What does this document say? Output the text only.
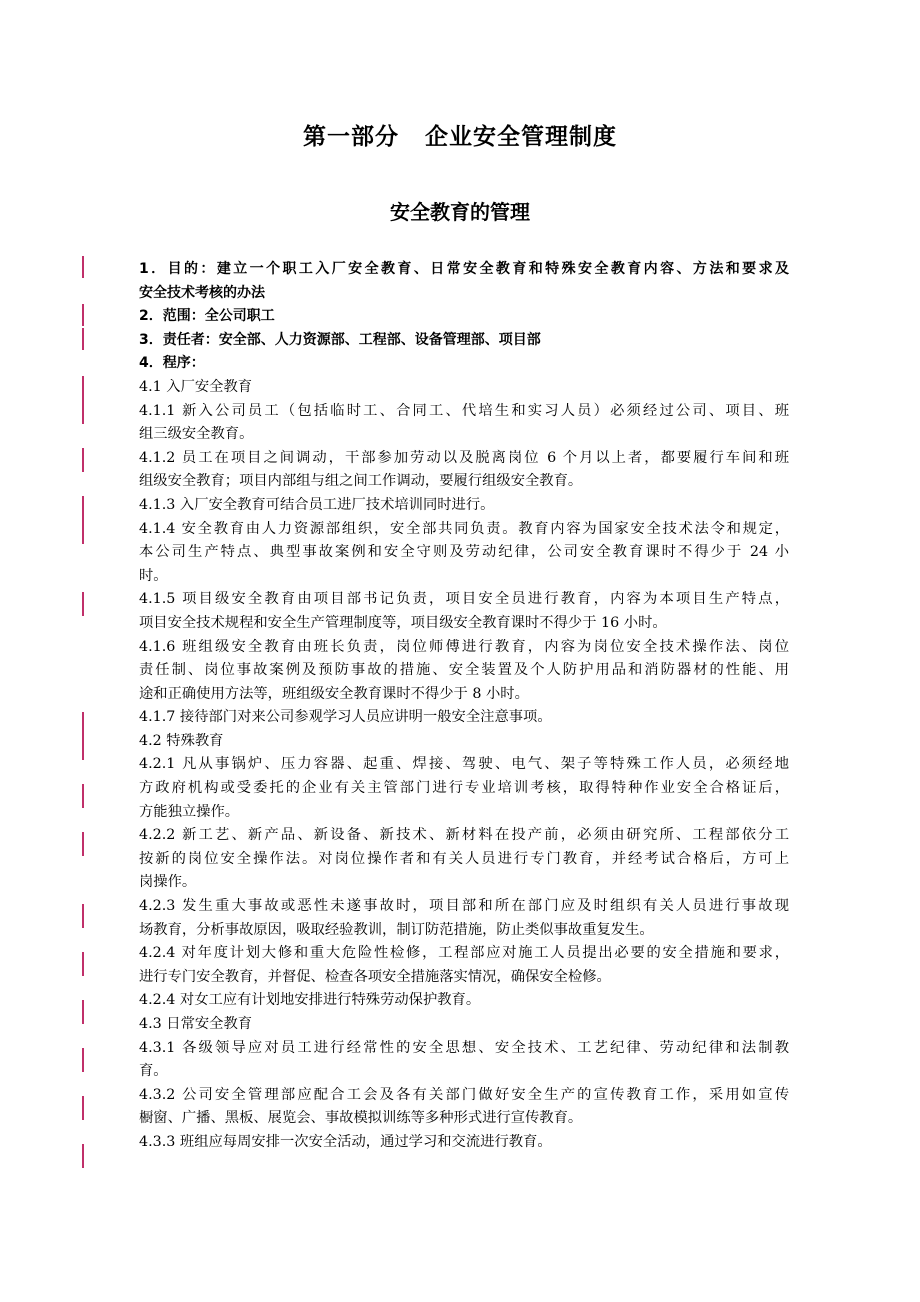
第一部分 企业安全管理制度
安全教育的管理
1．目的：建立一个职工入厂安全教育、日常安全教育和特殊安全教育内容、方法和要求及
安全技术考核的办法
2．范围：全公司职工
3．责任者：安全部、人力资源部、工程部、设备管理部、项目部
4．程序：
4.1 入厂安全教育
4.1.1 新入公司员工（包括临时工、合同工、代培生和实习人员）必须经过公司、项目、班
组三级安全教育。
4.1.2 员工在项目之间调动，干部参加劳动以及脱离岗位 6 个月以上者，都要履行车间和班
组级安全教育；项目内部组与组之间工作调动，要履行组级安全教育。
4.1.3 入厂安全教育可结合员工进厂技术培训同时进行。
4.1.4 安全教育由人力资源部组织，安全部共同负责。教育内容为国家安全技术法令和规定，
本公司生产特点、典型事故案例和安全守则及劳动纪律，公司安全教育课时不得少于 24 小
时。
4.1.5 项目级安全教育由项目部书记负责，项目安全员进行教育，内容为本项目生产特点，
项目安全技术规程和安全生产管理制度等，项目级安全教育课时不得少于 16 小时。
4.1.6 班组级安全教育由班长负责，岗位师傅进行教育，内容为岗位安全技术操作法、岗位
责任制、岗位事故案例及预防事故的措施、安全装置及个人防护用品和消防器材的性能、用
途和正确使用方法等，班组级安全教育课时不得少于 8 小时。
4.1.7 接待部门对来公司参观学习人员应讲明一般安全注意事项。
4.2 特殊教育
4.2.1 凡从事锅炉、压力容器、起重、焊接、驾驶、电气、架子等特殊工作人员，必须经地
方政府机构或受委托的企业有关主管部门进行专业培训考核，取得特种作业安全合格证后，
方能独立操作。
4.2.2 新工艺、新产品、新设备、新技术、新材料在投产前，必须由研究所、工程部依分工
按新的岗位安全操作法。对岗位操作者和有关人员进行专门教育，并经考试合格后，方可上
岗操作。
4.2.3 发生重大事故或恶性未遂事故时，项目部和所在部门应及时组织有关人员进行事故现
场教育，分析事故原因，吸取经验教训，制订防范措施，防止类似事故重复发生。
4.2.4 对年度计划大修和重大危险性检修，工程部应对施工人员提出必要的安全措施和要求，
进行专门安全教育，并督促、检查各项安全措施落实情况，确保安全检修。
4.2.4 对女工应有计划地安排进行特殊劳动保护教育。
4.3 日常安全教育
4.3.1 各级领导应对员工进行经常性的安全思想、安全技术、工艺纪律、劳动纪律和法制教
育。
4.3.2 公司安全管理部应配合工会及各有关部门做好安全生产的宣传教育工作，采用如宣传
橱窗、广播、黑板、展览会、事故模拟训练等多种形式进行宣传教育。
4.3.3 班组应每周安排一次安全活动，通过学习和交流进行教育。
